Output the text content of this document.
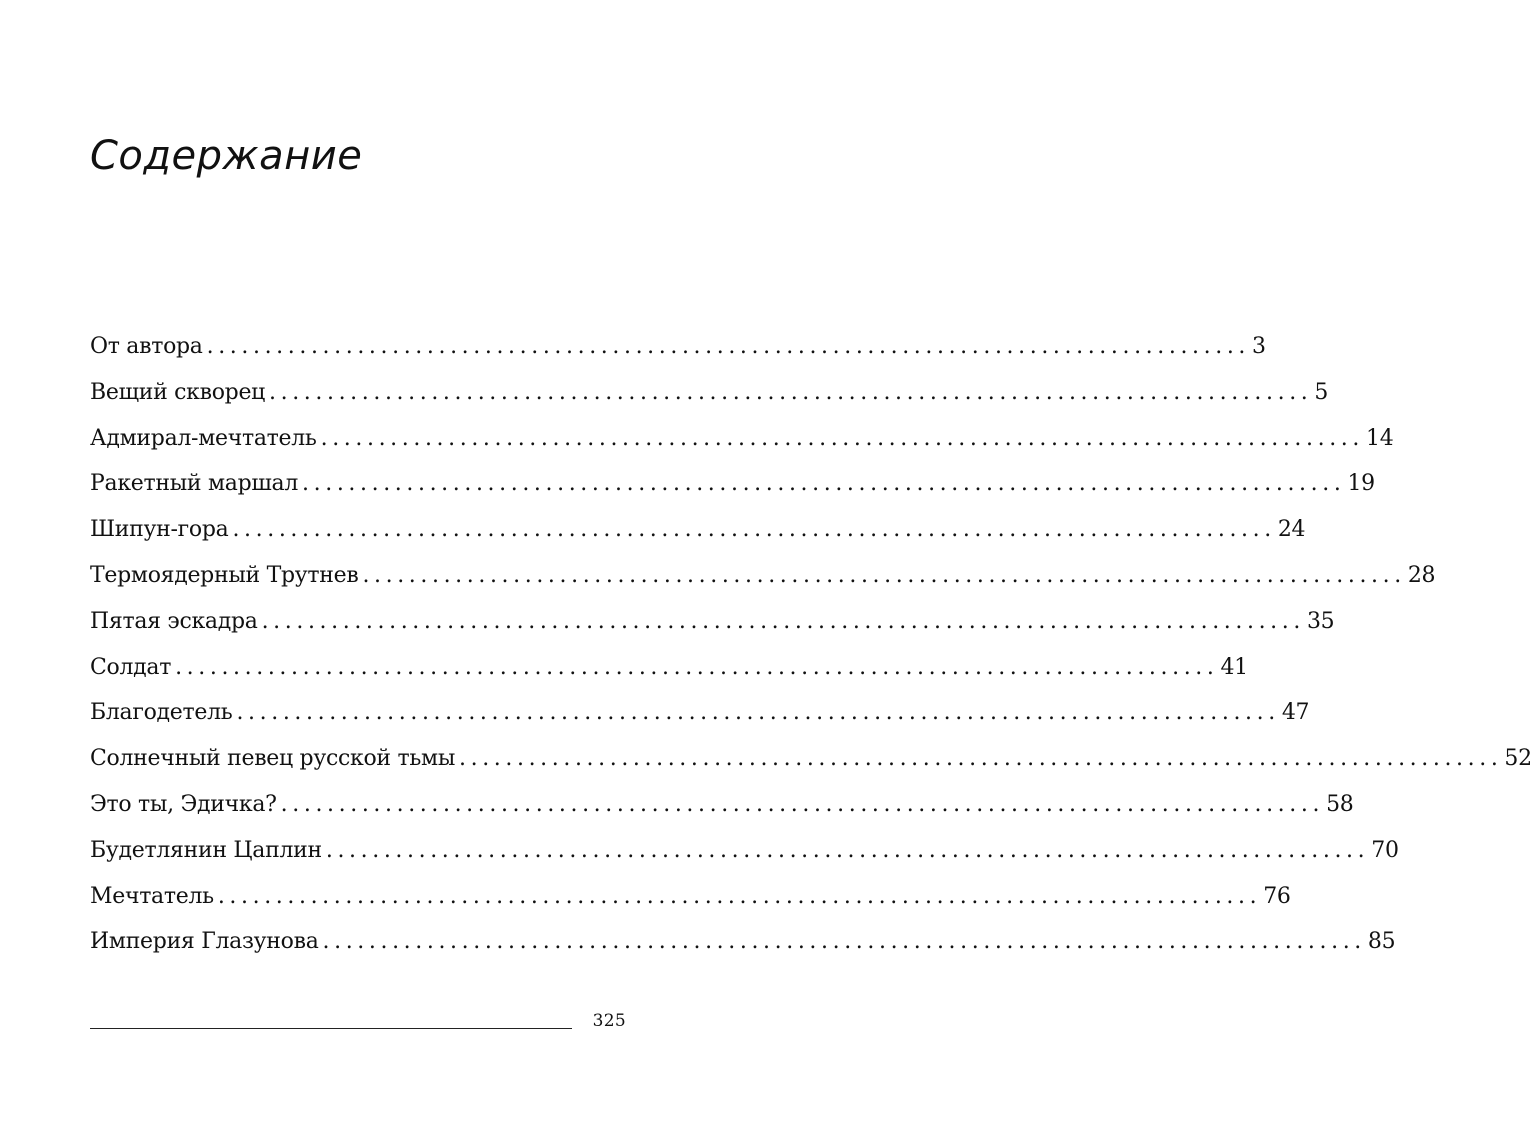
Содержание
От автора .......................................................................................... 3
Вещий скворец .......................................................................................... 5
Адмирал-мечтатель .......................................................................................... 14
Ракетный маршал .......................................................................................... 19
Шипун-гора .......................................................................................... 24
Термоядерный Трутнев .......................................................................................... 28
Пятая эскадра .......................................................................................... 35
Солдат .......................................................................................... 41
Благодетель .......................................................................................... 47
Солнечный певец русской тьмы .......................................................................................... 52
Это ты, Эдичка? .......................................................................................... 58
Будетлянин Цаплин .......................................................................................... 70
Мечтатель .......................................................................................... 76
Империя Глазунова .......................................................................................... 85
325
